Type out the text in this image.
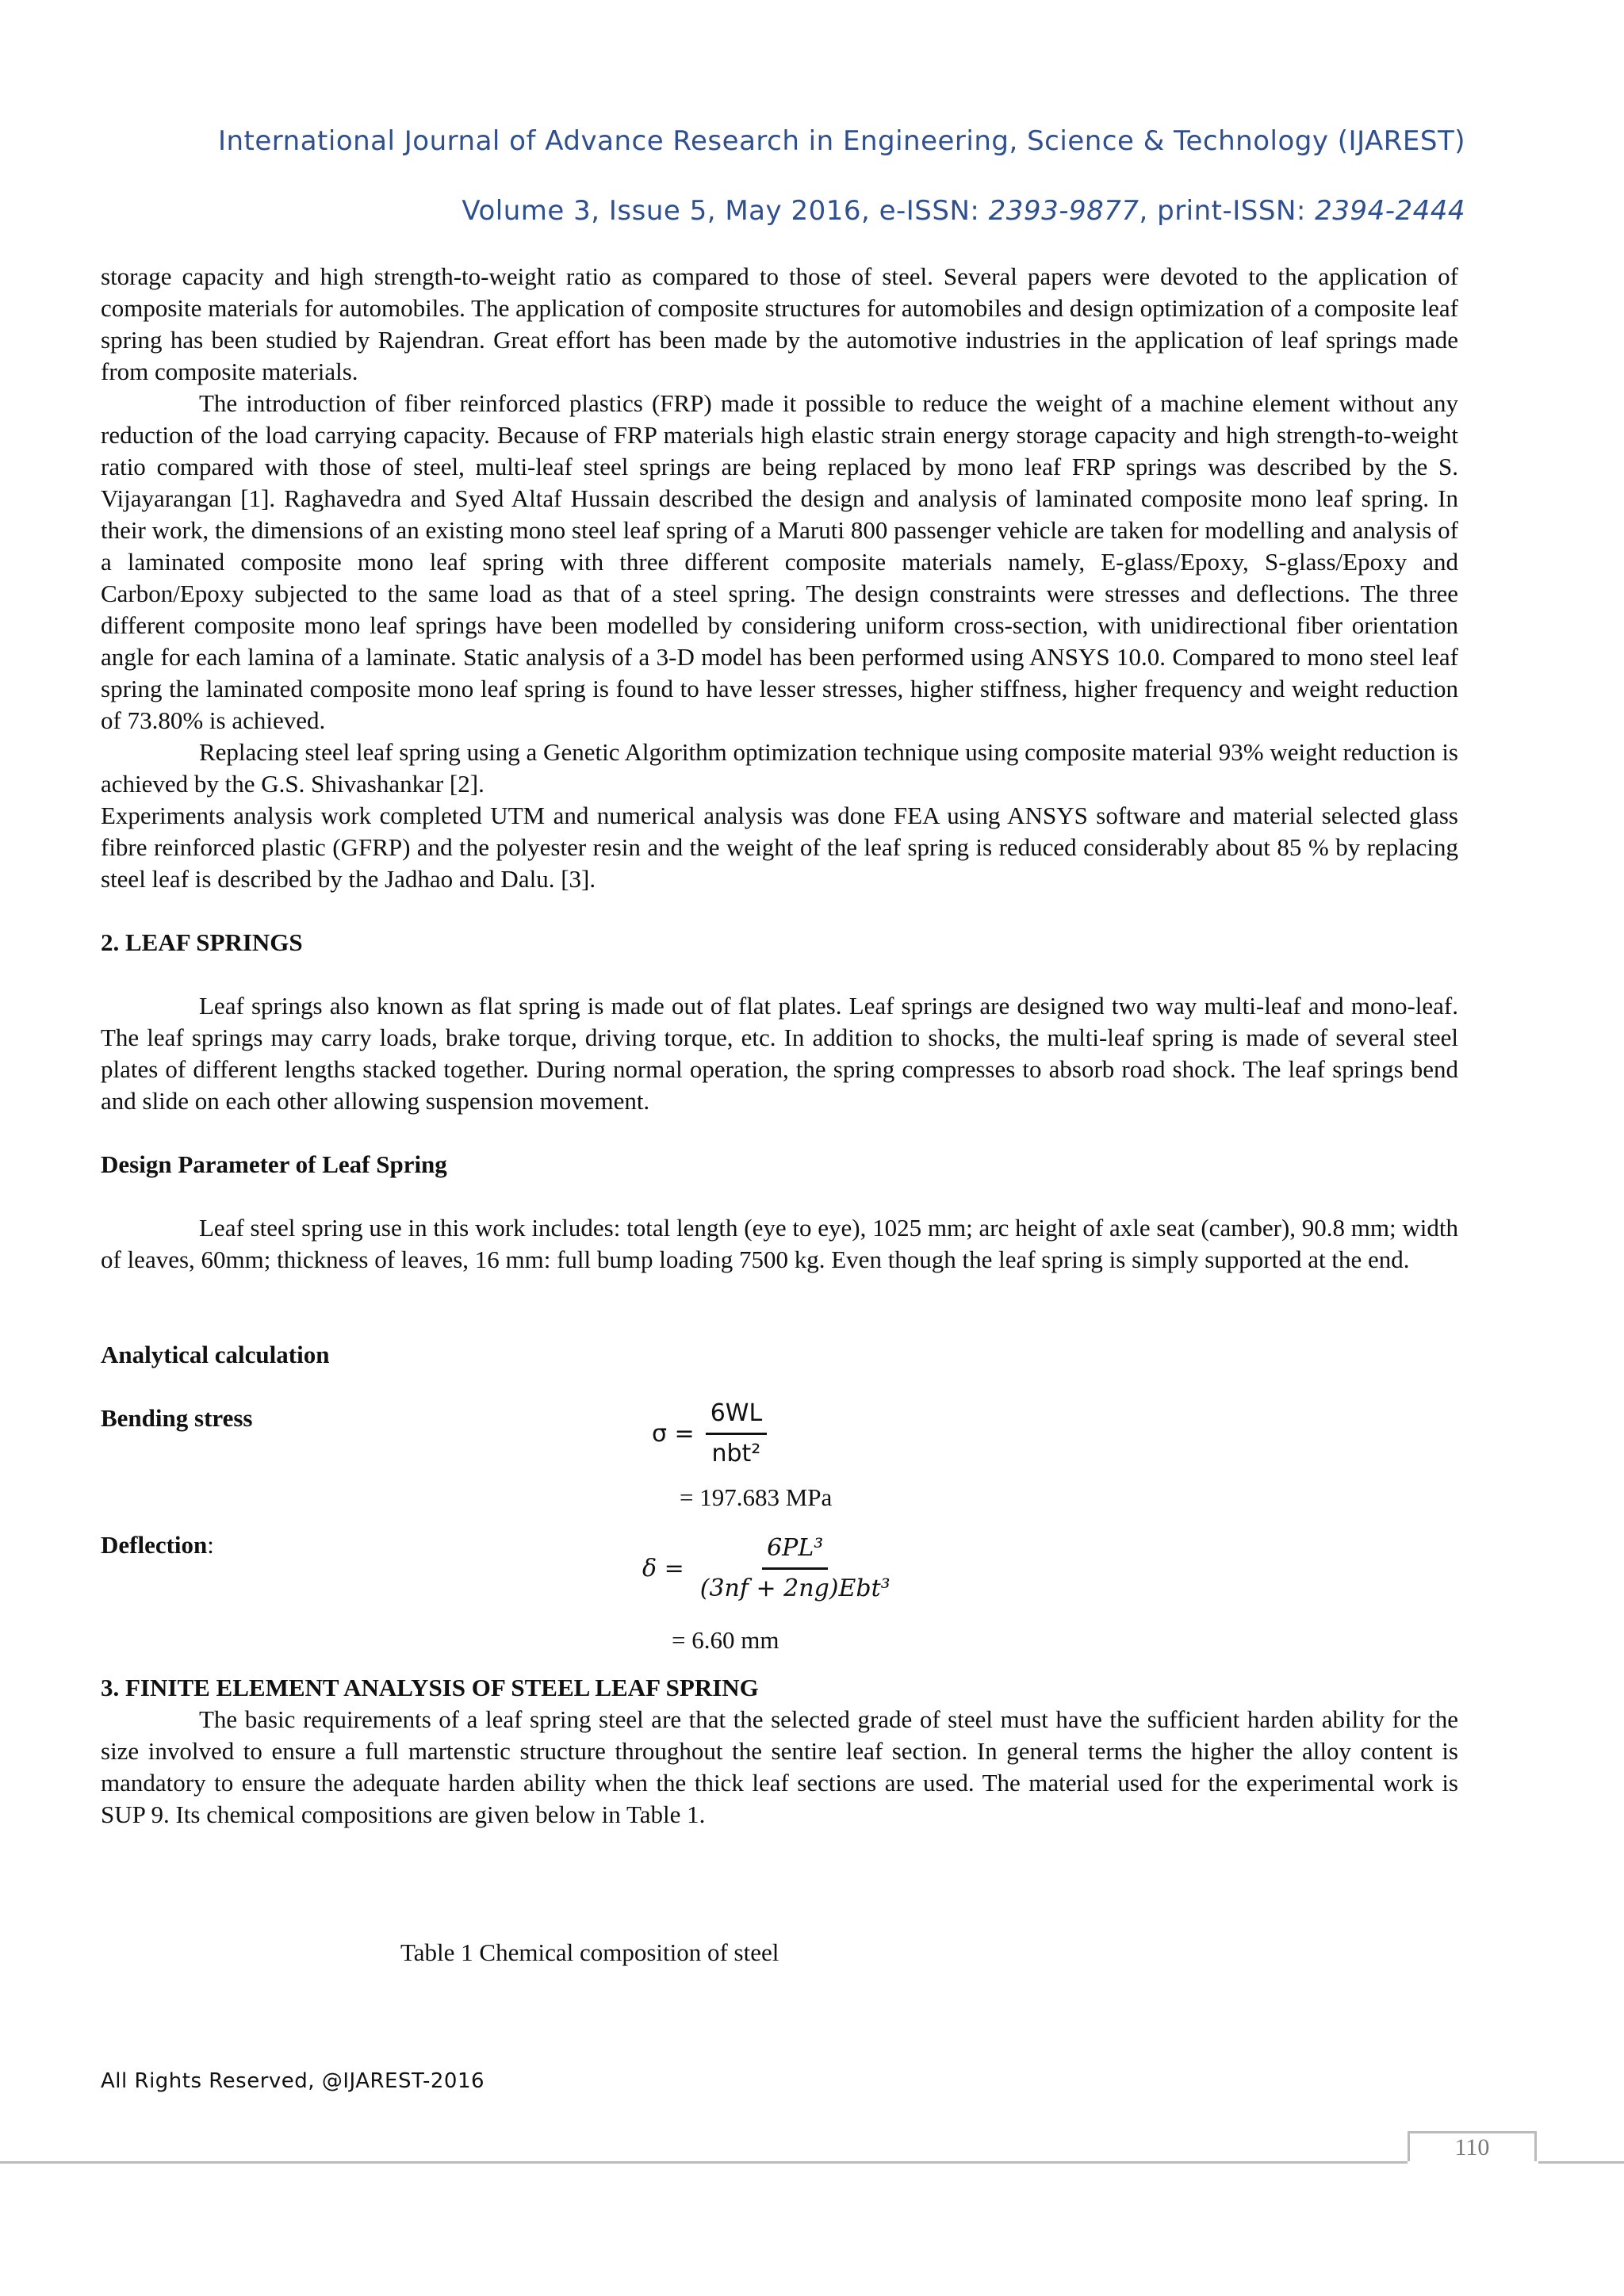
International Journal of Advance Research in Engineering, Science & Technology (IJAREST)
Volume 3, Issue 5, May 2016, e-ISSN: 2393-9877, print-ISSN: 2394-2444

storage capacity and high strength-to-weight ratio as compared to those of steel. Several papers were devoted to the application of composite materials for automobiles. The application of composite structures for automobiles and design optimization of a composite leaf spring has been studied by Rajendran. Great effort has been made by the automotive industries in the application of leaf springs made from composite materials.

The introduction of fiber reinforced plastics (FRP) made it possible to reduce the weight of a machine element without any reduction of the load carrying capacity. Because of FRP materials high elastic strain energy storage capacity and high strength-to-weight ratio compared with those of steel, multi-leaf steel springs are being replaced by mono leaf FRP springs was described by the S. Vijayarangan [1]. Raghavedra and Syed Altaf Hussain described the design and analysis of laminated composite mono leaf spring. In their work, the dimensions of an existing mono steel leaf spring of a Maruti 800 passenger vehicle are taken for modelling and analysis of a laminated composite mono leaf spring with three different composite materials namely, E-glass/Epoxy, S-glass/Epoxy and Carbon/Epoxy subjected to the same load as that of a steel spring. The design constraints were stresses and deflections. The three different composite mono leaf springs have been modelled by considering uniform cross-section, with unidirectional fiber orientation angle for each lamina of a laminate. Static analysis of a 3-D model has been performed using ANSYS 10.0. Compared to mono steel leaf spring the laminated composite mono leaf spring is found to have lesser stresses, higher stiffness, higher frequency and weight reduction of 73.80% is achieved.

Replacing steel leaf spring using a Genetic Algorithm optimization technique using composite material 93% weight reduction is achieved by the G.S. Shivashankar [2].

Experiments analysis work completed UTM and numerical analysis was done FEA using ANSYS software and material selected glass fibre reinforced plastic (GFRP) and the polyester resin and the weight of the leaf spring is reduced considerably about 85 % by replacing steel leaf is described by the Jadhao and Dalu. [3].

2. LEAF SPRINGS

Leaf springs also known as flat spring is made out of flat plates. Leaf springs are designed two way multi-leaf and mono-leaf. The leaf springs may carry loads, brake torque, driving torque, etc. In addition to shocks, the multi-leaf spring is made of several steel plates of different lengths stacked together. During normal operation, the spring compresses to absorb road shock. The leaf springs bend and slide on each other allowing suspension movement.

Design Parameter of Leaf Spring

Leaf steel spring use in this work includes: total length (eye to eye), 1025 mm; arc height of axle seat (camber), 90.8 mm; width of leaves, 60mm; thickness of leaves, 16 mm: full bump loading 7500 kg. Even though the leaf spring is simply supported at the end.

Analytical calculation
Bending stress
$\sigma = \frac{6WL}{\text{nbt²}}$
= 197.683 MPa
Deflection:
$\delta = \frac{\text{6PL³}}{\text{(3nf + 2ng)Ebt³}}$
= 6.60 mm
3. FINITE ELEMENT ANALYSIS OF STEEL LEAF SPRING

The basic requirements of a leaf spring steel are that the selected grade of steel must have the sufficient harden ability for the size involved to ensure a full martenstic structure throughout the sentire leaf section. In general terms the higher the alloy content is mandatory to ensure the adequate harden ability when the thick leaf sections are used. The material used for the experimental work is SUP 9. Its chemical compositions are given below in Table 1.

Table 1 Chemical composition of steel
All Rights Reserved, @IJAREST-2016
110
